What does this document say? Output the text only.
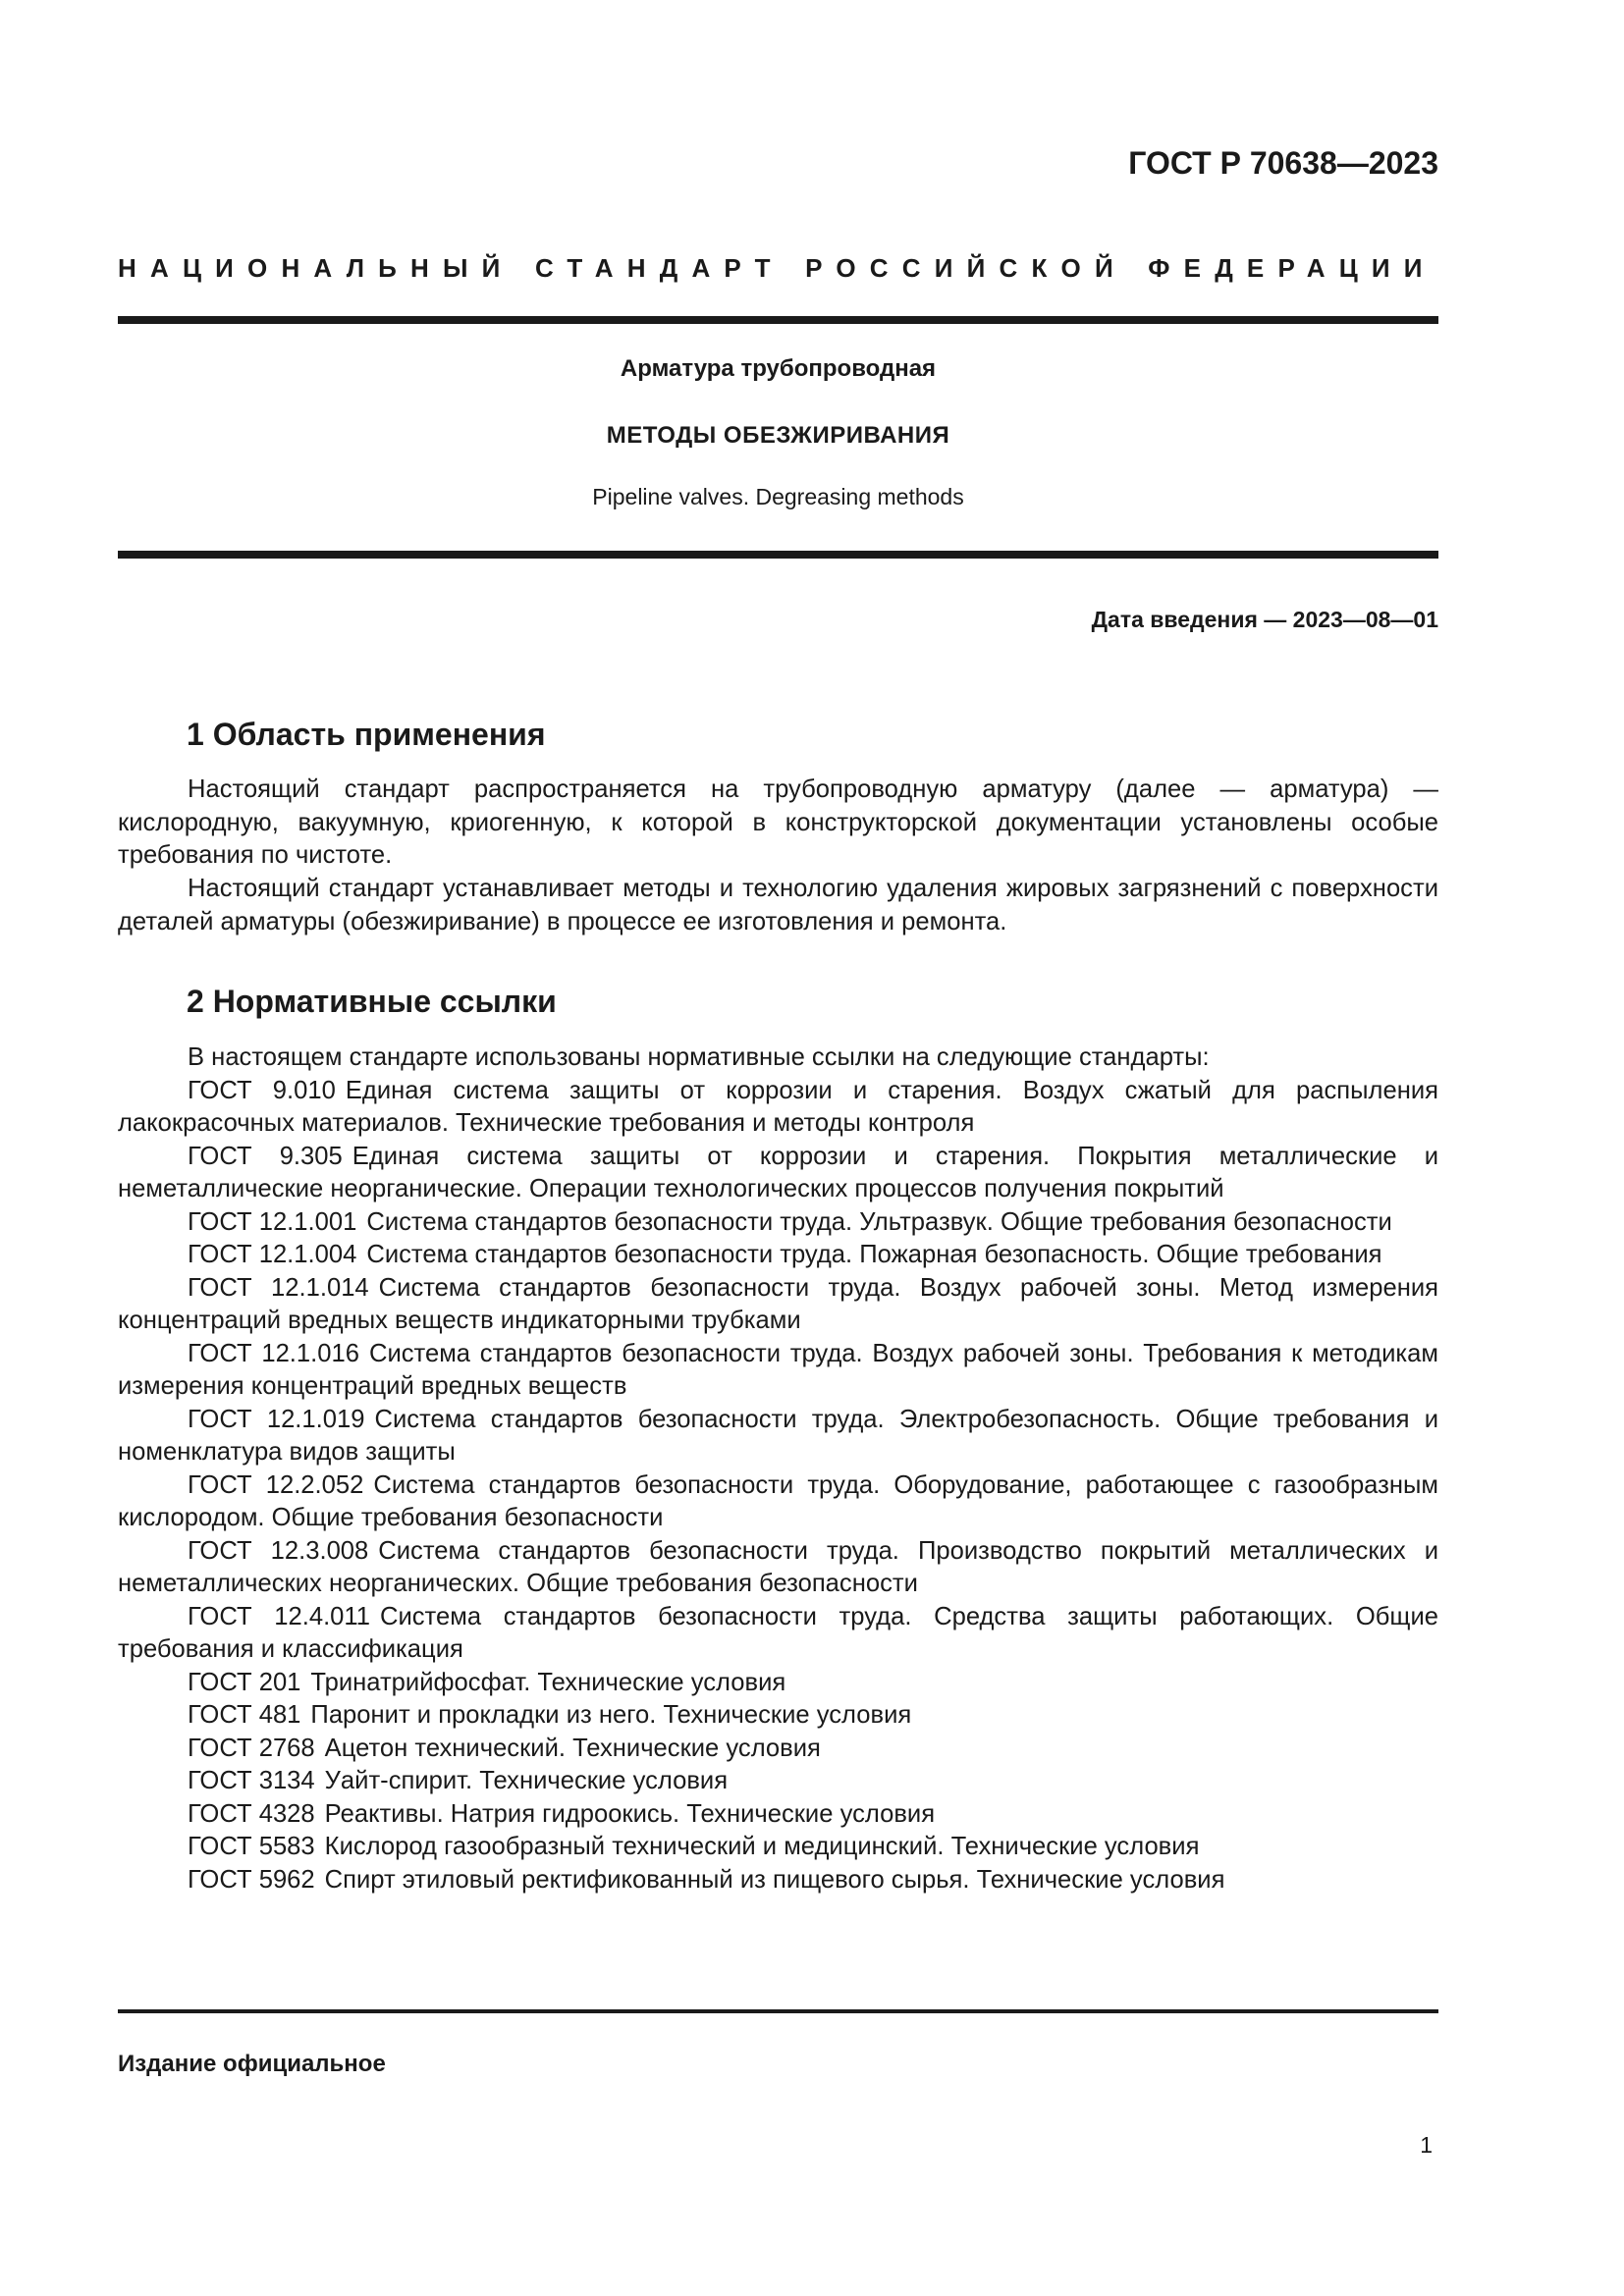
ГОСТ Р 70638—2023

НАЦИОНАЛЬНЫЙ СТАНДАРТ РОССИЙСКОЙ ФЕДЕРАЦИИ

Арматура трубопроводная

МЕТОДЫ ОБЕЗЖИРИВАНИЯ

Pipeline valves. Degreasing methods

Дата введения — 2023—08—01

1 Область применения

Настоящий стандарт распространяется на трубопроводную арматуру (далее — арматура) — кислородную, вакуумную, криогенную, к которой в конструкторской документации установлены особые требования по чистоте.

Настоящий стандарт устанавливает методы и технологию удаления жировых загрязнений с поверхности деталей арматуры (обезжиривание) в процессе ее изготовления и ремонта.

2 Нормативные ссылки

В настоящем стандарте использованы нормативные ссылки на следующие стандарты:

ГОСТ 9.010 Единая система защиты от коррозии и старения. Воздух сжатый для распыления лакокрасочных материалов. Технические требования и методы контроля

ГОСТ 9.305 Единая система защиты от коррозии и старения. Покрытия металлические и неметаллические неорганические. Операции технологических процессов получения покрытий

ГОСТ 12.1.001 Система стандартов безопасности труда. Ультразвук. Общие требования безопасности

ГОСТ 12.1.004 Система стандартов безопасности труда. Пожарная безопасность. Общие требования

ГОСТ 12.1.014 Система стандартов безопасности труда. Воздух рабочей зоны. Метод измерения концентраций вредных веществ индикаторными трубками

ГОСТ 12.1.016 Система стандартов безопасности труда. Воздух рабочей зоны. Требования к методикам измерения концентраций вредных веществ

ГОСТ 12.1.019 Система стандартов безопасности труда. Электробезопасность. Общие требования и номенклатура видов защиты

ГОСТ 12.2.052 Система стандартов безопасности труда. Оборудование, работающее с газообразным кислородом. Общие требования безопасности

ГОСТ 12.3.008 Система стандартов безопасности труда. Производство покрытий металлических и неметаллических неорганических. Общие требования безопасности

ГОСТ 12.4.011 Система стандартов безопасности труда. Средства защиты работающих. Общие требования и классификация

ГОСТ 201 Тринатрийфосфат. Технические условия

ГОСТ 481 Паронит и прокладки из него. Технические условия

ГОСТ 2768 Ацетон технический. Технические условия

ГОСТ 3134 Уайт-спирит. Технические условия

ГОСТ 4328 Реактивы. Натрия гидроокись. Технические условия

ГОСТ 5583 Кислород газообразный технический и медицинский. Технические условия

ГОСТ 5962 Спирт этиловый ректификованный из пищевого сырья. Технические условия

Издание официальное

1
